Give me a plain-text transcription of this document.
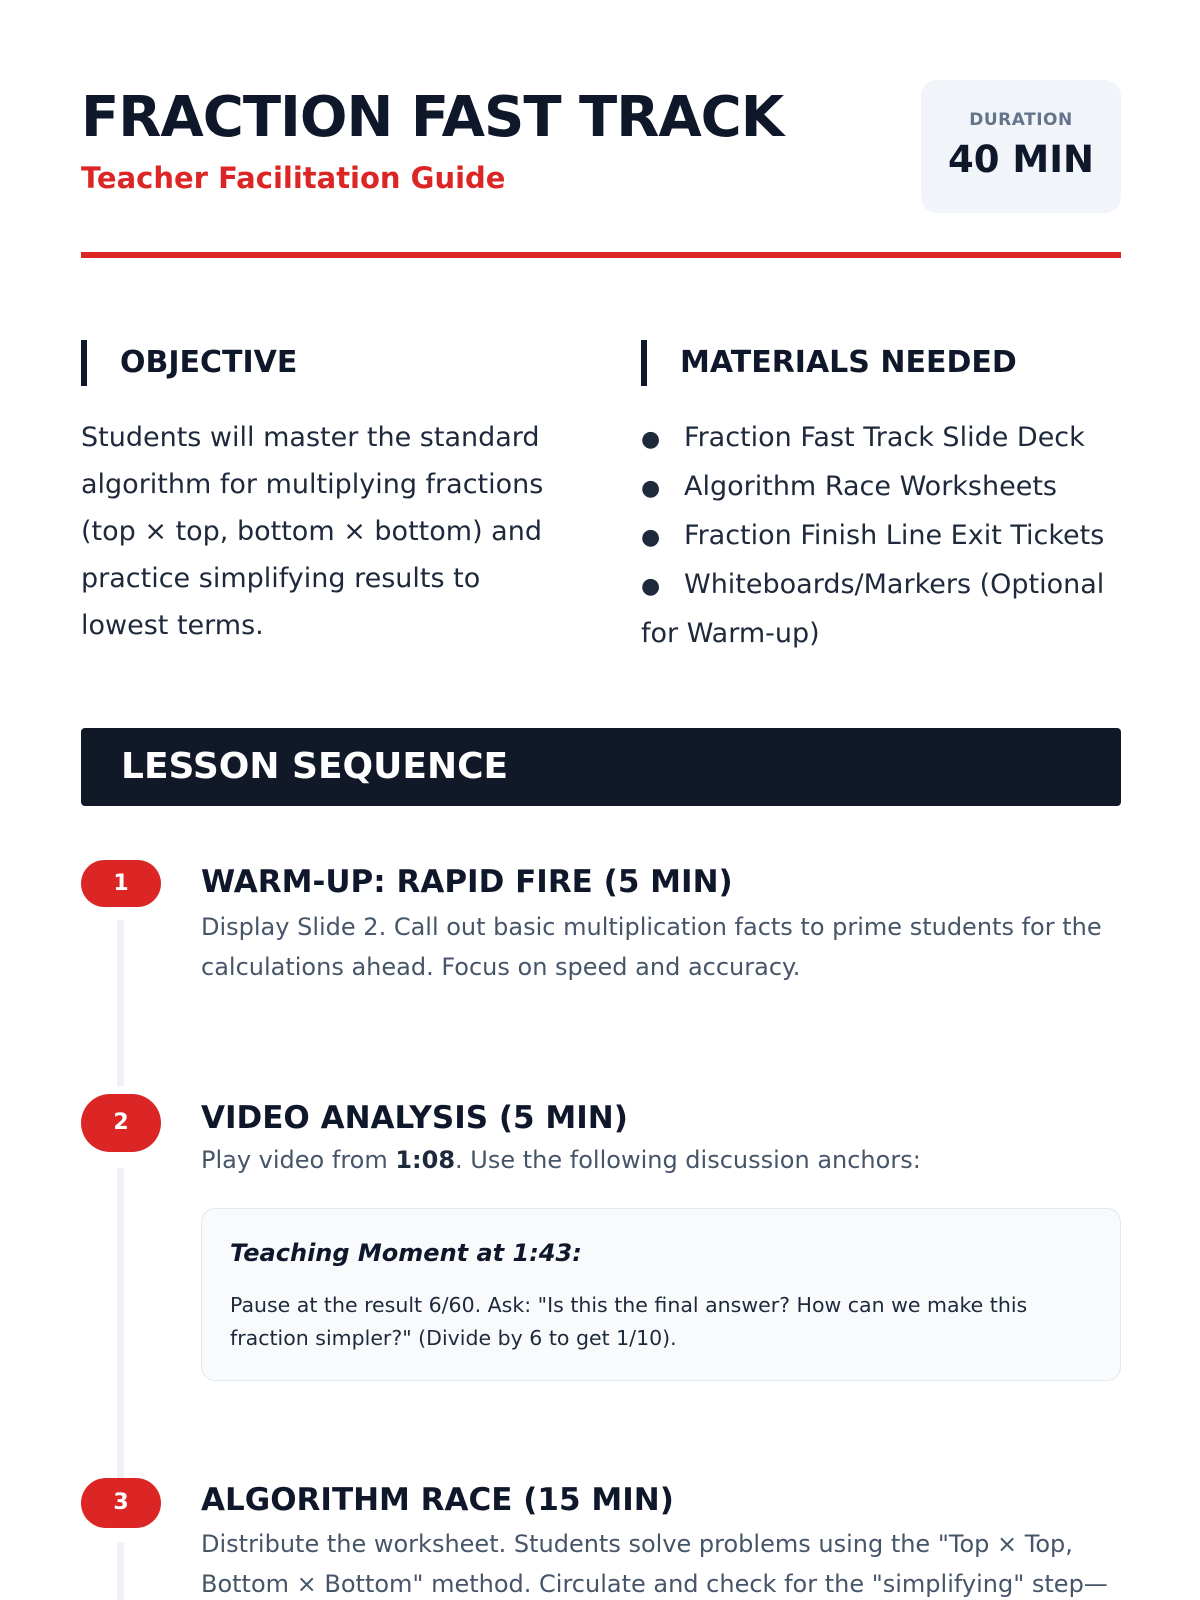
FRACTION FAST TRACK
Teacher Facilitation Guide
DURATION
40 MIN
OBJECTIVE

Students will master the standard algorithm for multiplying fractions (top × top, bottom × bottom) and practice simplifying results to lowest terms.

MATERIALS NEEDED
● Fraction Fast Track Slide Deck
● Algorithm Race Worksheets
● Fraction Finish Line Exit Tickets
● Whiteboards/Markers (Optional for Warm-up)
LESSON SEQUENCE
1	WARM-UP: RAPID FIRE (5 MIN)

Display Slide 2. Call out basic multiplication facts to prime students for the calculations ahead. Focus on speed and accuracy.

2	VIDEO ANALYSIS (5 MIN)

Play video from 1:08. Use the following discussion anchors:

Teaching Moment at 1:43:

Pause at the result 6/60. Ask: "Is this the final answer? How can we make this fraction simpler?" (Divide by 6 to get 1/10).

3	ALGORITHM RACE (15 MIN)

Distribute the worksheet. Students solve problems using the "Top × Top, Bottom × Bottom" method. Circulate and check for the "simplifying" step—
